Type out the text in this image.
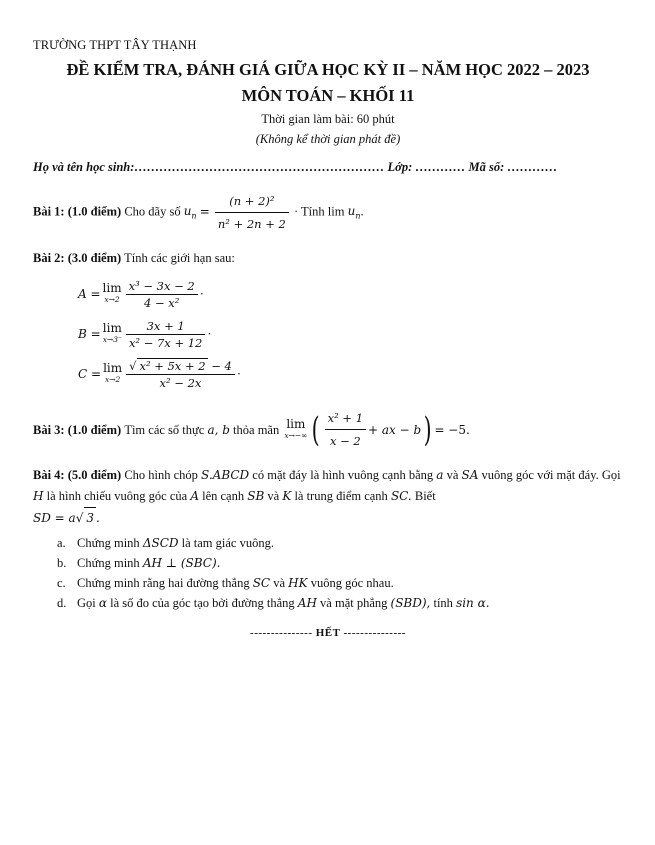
TRƯỜNG THPT TÂY THẠNH
ĐỀ KIỂM TRA, ĐÁNH GIÁ GIỮA HỌC KỲ II – NĂM HỌC 2022 – 2023
MÔN TOÁN – KHỐI 11
Thời gian làm bài: 60 phút
(Không kể thời gian phát đề)
Họ và tên học sinh:…………………………………………………… Lớp: ………… Mã số: …………
Bài 1: (1.0 điểm) Cho dãy số $u_n = \frac{\text{(n + 2)²}}{\text{n² + 2n + 2}}$ · Tính $\lim u_n$.
Bài 2: (3.0 điểm) Tính các giới hạn sau:
A = lim
$x\to 2 \frac{\text{x³ − 3x − 2}}{\text{4 − x²}}$ ·
B = lim
$x\to 3^- \frac{3x + 1}{\text{x² − 7x + 12}}$ ·
C = lim
$x\to 2 \frac{\text{√ x² + 5x + 2 − 4}}{\text{x² − 2x}}$ ·
Bài 3: (1.0 điểm)
Tìm các số thực
a, b
thỏa mãn
lim
x→−∞ ( $\frac{\text{x² + 1}}{x - 2}$ + ax − b ) = −5.
Bài 4: (5.0 điểm) Cho hình chóp S.ABCD có mặt đáy là hình vuông cạnh bằng a và SA vuông góc với mặt đáy. Gọi H là hình chiếu vuông góc của A lên cạnh SB và K là trung điểm cạnh SC. Biết
SD = a√ 3 .
a. Chứng minh ΔSCD là tam giác vuông.
b. Chứng minh AH ⊥ (SBC).
c. Chứng minh rằng hai đường thẳng SC và HK vuông góc nhau.
d. Gọi α là số đo của góc tạo bởi đường thẳng AH và mặt phẳng (SBD), tính sin α.
--------------- HẾT ---------------
